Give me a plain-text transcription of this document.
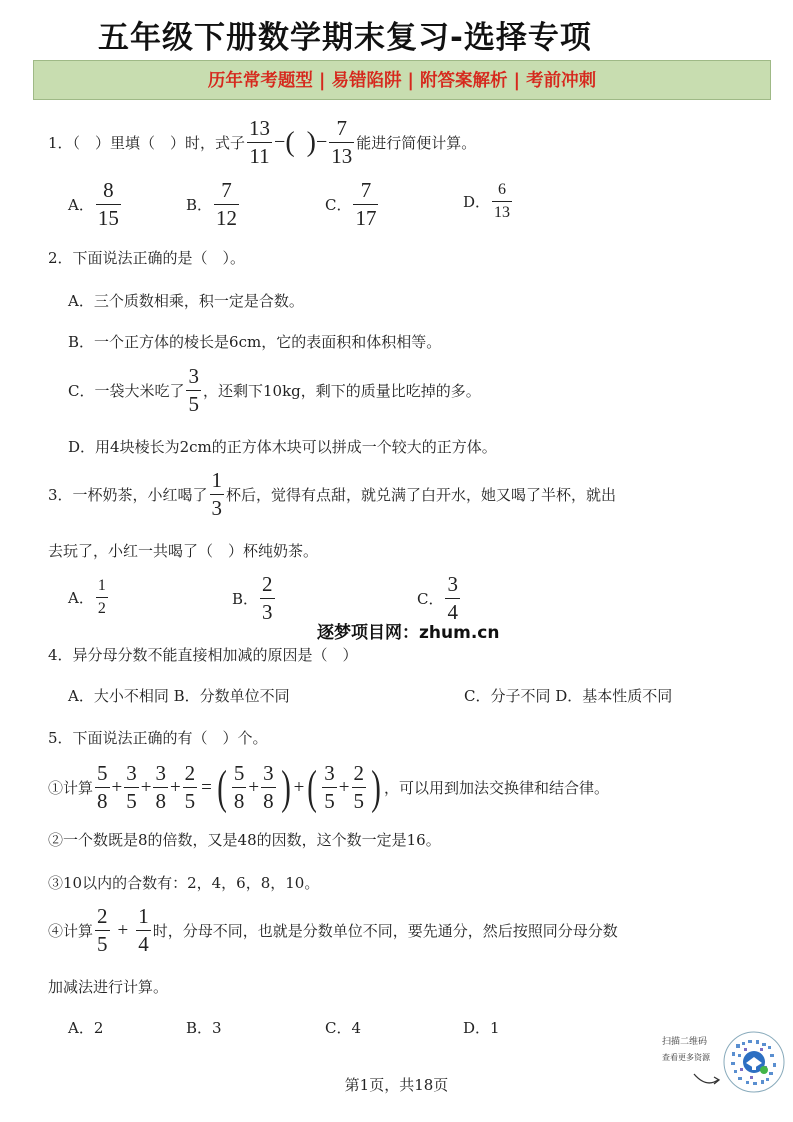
五年级下册数学期末复习-选择专项
历年常考题型 | 易错陷阱 | 附答案解析 | 考前冲刺
1．（　）里填（　）时，式子 $\frac{13}{11}$ − ( ) − $\frac{7}{13}$ 能进行简便计算。
A． $\frac{8}{15}$	B． $\frac{7}{12}$	C． $\frac{7}{17}$	D． $\frac{6}{13}$
2．下面说法正确的是（　）。
A．三个质数相乘，积一定是合数。
B．一个正方体的棱长是6cm，它的表面积和体积相等。
C．一袋大米吃了 $\frac{3}{5}$ ，还剩下10kg，剩下的质量比吃掉的多。
D．用4块棱长为2cm的正方体木块可以拼成一个较大的正方体。
3．一杯奶茶，小红喝了 $\frac{1}{3}$ 杯后，觉得有点甜，就兑满了白开水，她又喝了半杯，就出
去玩了，小红一共喝了（　）杯纯奶茶。
A． $\frac{1}{2}$	B． $\frac{2}{3}$	C． $\frac{3}{4}$
逐梦项目网：zhum.cn
4．异分母分数不能直接相加减的原因是（　）
A．大小不相同 B．分数单位不同	C．分子不同 D．基本性质不同
5．下面说法正确的有（　）个。
①计算 $\frac{5}{8} + \frac{3}{5} + \frac{3}{8} + \frac{2}{5}$ = ( $\frac{5}{8} + \frac{3}{8}$ ) + ( $\frac{3}{5} + \frac{2}{5}$ ) ，可以用到加法交换律和结合律。
②一个数既是8的倍数，又是48的因数，这个数一定是16。
③10以内的合数有：2，4，6，8，10。
④计算 $\frac{2}{5} + \frac{1}{4}$ 时，分母不同，也就是分数单位不同，要先通分，然后按照同分母分数
加减法进行计算。
A．2	B．3	C．4	D．1
第1页，共18页
扫描二维码
查看更多资源
